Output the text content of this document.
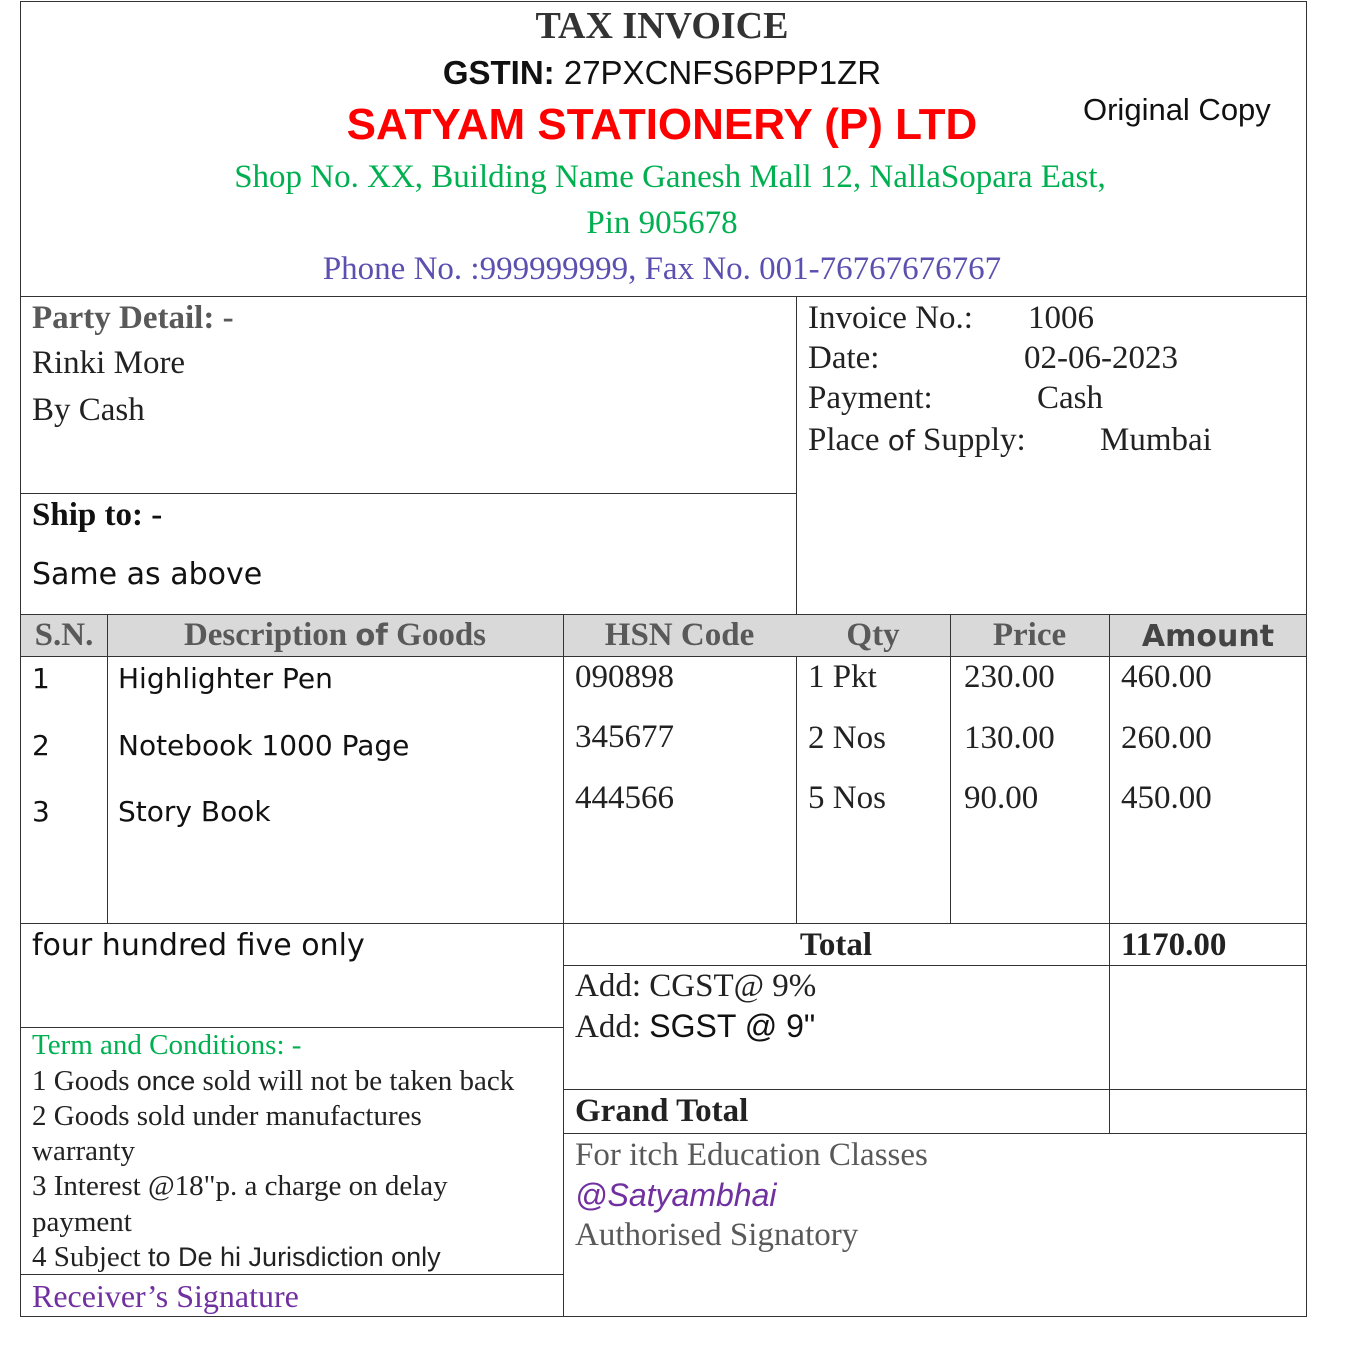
TAX INVOICE
GSTIN: 27PXCNFS6PPP1ZR
SATYAM STATIONERY (P) LTD	Original Copy
Shop No. XX, Building Name Ganesh Mall 12, NallaSopara East,
Pin 905678
Phone No. :999999999, Fax No. 001-76767676767
Party Detail: -
Rinki More
By Cash
Ship to: -
Same as above
Invoice No.: 1006
Date:	02-06-2023
Payment:	Cash
Place of Supply: Mumbai
S.N.	Description of Goods	HSN Code	Qty	Price	Amount
1 Highlighter Pen	090898	1 Pkt	230.00 460.00
2 Notebook 1000 Page	345677	2 Nos 130.00 260.00
3 Story Book	444566	5 Nos 90.00	450.00
four hundred five only	Total	1170.00
Add: CGST@ 9%
Add: SGST @ 9"
Grand Total
Term and Conditions: -
1 Goods once sold will not be taken back
2 Goods sold under manufactures
warranty
3 Interest @18"p. a charge on delay
payment
4 Subject to De hi Jurisdiction only
Receiver’s Signature
For itch Education Classes
@Satyambhai
Authorised Signatory
